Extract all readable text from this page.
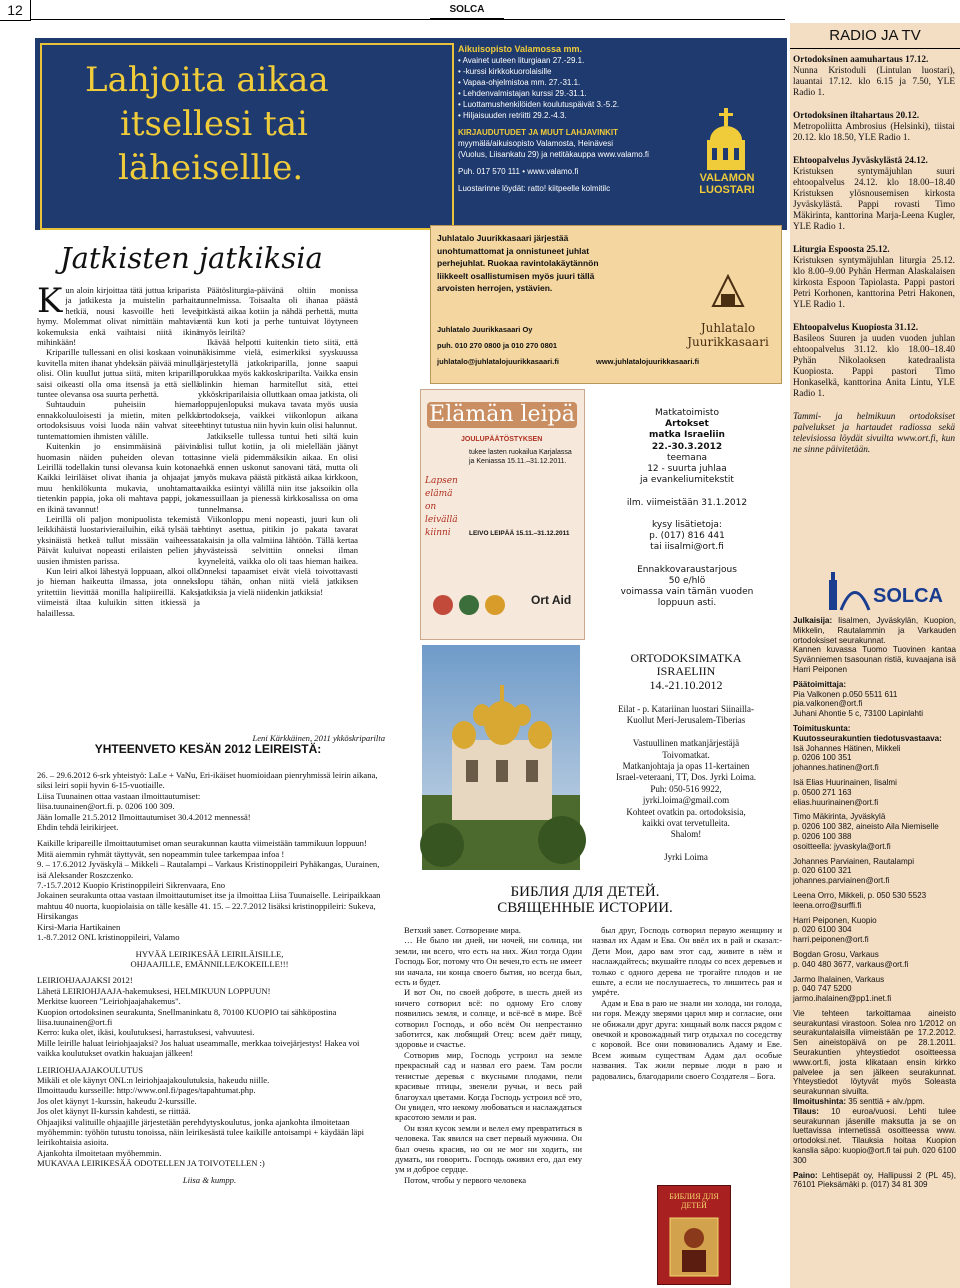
12	SOLCA
Lahjoita aikaa
itsellesi tai
läheisellle.
Aikuisopisto Valamossa mm.
• Avainet uuteen liturgiaan 27.-29.1.
• -kurssi kirkkokuorolaisille
• Vapaa-ohjelmistoa mm. 27.-31.1.
• Lehdenvalmistajan kurssi 29.-31.1.
• Luottamushenkilöiden koulutuspäivät 3.-5.2.
• Hiljaisuuden retriitti 29.2.-4.3.
KIRJAUDUTUDET JA MUUT LAHJAVINKIT
myymälä/aikuisopisto Valamosta, Heinävesi
(Vuolus, Liisankatu 29) ja netitäkauppa www.valamo.fi
Puh. 017 570 111 • www.valamo.fi
Luostarinne löydät: ratto! kiitpeelle kolmitilc
VALAMON
LUOSTARI
Jatkisten jatkiksia

Kun aloin kirjoittaa tätä juttua kriparista ja jatkikesta ja muistelin parhaita hetkiä, nousi kasvoille heti leveä hymy. Molemmat olivat nimittäin mahtavia kokemuksia enkä vaihtaisi niitä ikinä mihinkään!

Kriparille tullessani en olisi koskaan voinut kuvitella miten ihanat yhdeksän päivää minulla olisi. Olin kuullut juttua siitä, miten kriparilla saisi oikeasti olla oma itsensä ja että siellä tuntee olevansa osa suurta perhettä.

Suhtauduin puheisiin hieman ennakkoluuloisesti ja mietin, miten pelkkä ortodoksisuus voisi luoda näin vahvat siteet tuntemattomien ihmisten välille.

Kuitenkin jo ensimmäisinä päivinä huomasin näiden puheiden olevan totta. Leirillä todellakin tunsi olevansa kuin kotona. Kaikki leiriläiset olivat ihania ja ohjaajat ja muu henkilökunta mukavia, unohtamatta tietenkin pappia, joka oli mahtava pappi, joka en ikinä tavannut!

Leirillä oli paljon monipuolista tekemistä leikkihäistä luostarivierailuihin, eikä tylsää tai yksinäistä hetkeä tullut missään vaiheessa. Päivät kuluivat nopeasti erilaisten pelien ja uusien ihmisten parissa.

Kun leiri alkoi lähestyä loppuaan, alkoi olla jo hieman haikeutta ilmassa, jota onneksi yritettiin lievittää monilla halipiireillä. Kaksi viimeistä iltaa kuluikin sitten itkiessä ja halaillessa.

Päätösliturgia-päivänä oltiin monissa tunnelmissa. Toisaalta oli ihanaa päästä pitkästä aikaa kotiin ja nähdä perhettä, mutta entä kun koti ja perhe tuntuivat löytyneen myös leiriltä?

Ikävää helpotti kuitenkin tieto siitä, että näkisimme vielä, esimerkiksi syyskuussa järjestetyllä jatkokriparilla, jonne saapui porukkaa myös kakkoskriparilta. Vaikka ensin olinkin hieman harmitellut sitä, ettei ykköskriparilaisia olluttkaan omaa jatkista, oli loppujenlopuksi mukava tavata myös uusia ortodokseja, vaikkei viikonlopun aikana ehtinyt tutustua niin hyvin kuin olisi halunnut.

Jatkikselle tullessa tuntui heti siltä kuin olisi tullut kotiin, ja oli mielellään jäänyt sinne vielä pidemmäksikin aikaa. En olisi ehkä ennen uskonut sanovani tätä, mutta oli myös mukava päästä pitkästä aikaa kirkkoon, vaikka esiintyi välillä niin itse jaksoikin olla messuillaan ja pienessä kirkkosalissa on oma tunnelmansa.

Viikonloppu meni nopeasti, juuri kun oli ehtinyt asettua, pitikin jo pakata tavarat takaisin ja olla valmiina lähtöön. Tällä kertaa hyvästeissä selvittiin onneksi ilman kyyneleitä, vaikka olo oli taas hieman haikea. Onneksi tapaamiset eivät vielä toivottavasti lopu tähän, onhan niitä vielä jatkiksen jatkiksia ja vielä niidenkin jatkiksia!

Leni Kärkkäinen, 2011 ykköskriparilta
YHTEENVETO KESÄN 2012 LEIREISTÄ:

26. – 29.6.2012 6-srk yhteistyö: LaLe + VaNu, Eri-ikäiset huomioidaan pienryhmissä leirin aikana, siksi leiri sopii hyvin 6-15-vuotiaille.

Liisa Tuunainen ottaa vastaan ilmoittautumiset:

liisa.tuunainen@ort.fi. p. 0206 100 309.

Jään lomalle 21.5.2012 Ilmoittautumiset 30.4.2012 mennessä!

Ehdin tehdä leirikirjeet.

Kaikille kripareille ilmoittautumiset oman seurakunnan kautta viimeistään tammikuun loppuun! Mitä aiemmin ryhmät täyttyvät, sen nopeammin tulee tarkempaa infoa !

9. – 17.6.2012 Jyväskylä – Mikkeli – Rautalampi – Varkaus Kristinoppileiri Pyhäkangas, Uurainen, isä Aleksander Roszczenko.

7.-15.7.2012 Kuopio Kristinoppileiri Sikrenvaara, Eno

Jokainen seurakunta ottaa vastaan ilmoittautumiset itse ja ilmoittaa Liisa Tuunaiselle. Leiripaikkaan mahtuu 40 nuorta, kuopiolaisia on tälle kesälle 41. 15. – 22.7.2012 lisäksi kristinoppileiri: Sukeva, Hirsikangas

Kirsi-Maria Hartikainen

1.-8.7.2012 ONL kristinoppileiri, Valamo

HYVÄÄ LEIRIKESÄÄ LEIRILÄISILLE,

OHJAAJILLE, EMÄNNILLE/KOKEILLE!!!

LEIRIOHJAAJAKSI 2012!

Lähetä LEIRIOHJAAJA-hakemuksesi, HELMIKUUN LOPPUUN!

Merkitse kuoreen "Leiriohjaajahakemus".

Kuopion ortodoksinen seurakunta, Snellmaninkatu 8, 70100 KUOPIO tai sähköpostina liisa.tuunainen@ort.fi

Kerro: kuka olet, ikäsi, koulutuksesi, harrastuksesi, vahvuutesi.

Mille leirille haluat leiriohjaajaksi? Jos haluat useammalle, merkkaa toivejärjestys! Hakea voi vaikka koulutukset ovatkin hakuajan jälkeen!

LEIRIOHJAAJAKOULUTUS

Mikäli et ole käynyt ONL:n leiriohjaajakoulutuksia, hakeudu niille.

Ilmoittaudu kursseille: http://www.onl.fi/pages/tapahtumat.php.

Jos olet käynyt 1-kurssin, hakeudu 2-kurssille.

Jos olet käynyt II-kurssin kahdesti, se riittää.

Ohjaajiksi valituille ohjaajille järjestetään perehdytyskoulutus, jonka ajankohta ilmoitetaan myöhemmin: työhön tutustu tonoissa, näin leirikesästä tulee kaikille antoisampi + käydään läpi leirikohtaisia asioita.

Ajankohta ilmoitetaan myöhemmin.

MUKAVAA LEIRIKESÄÄ ODOTELLEN JA TOIVOTELLEN :)

Liisa & kumpp.

Juhlatalo Juurikkasaari järjestää
unohtumattomat ja onnistuneet juhlat
perhejuhlat. Ruokaa ravintolakäytännön
liikkeelt osallistumisen myös juuri tällä
arvoisten herrojen, ystävien.
Juhlatalo Juurikkasaari Oy
puh. 010 270 0800 ja 010 270 0801
juhlatalo@juhlatalojuurikkasaari.fi	www.juhlatalojuurikkasaari.fi
Juhlatalo Juurikkasaari
Elämän leipä
JOULUPÄÄTÖSTYKSEN
Lapsen elämä on leivällä kiinni
tukee lasten ruokailua Karjalassa ja Keniassa 15.11.–31.12.2011.
LEIVO LEIPÄÄ 15.11.–31.12.2011
Ort Aid
Matkatoimisto
Artokset
matka Israeliin
22.-30.3.2012
teemana
12 - suurta juhlaa
ja evankeliumitekstit

ilm. viimeistään 31.1.2012

kysy lisätietoja:
p. (017) 816 441
tai iisalmi@ort.fi

Ennakkovaraustarjous
50 e/hlö
voimassa vain tämän vuoden
loppuun asti.
ORTODOKSIMATKA
ISRAELIIN
14.-21.10.2012
Eilat - p. Katariinan luostari Siinailla-
Kuollut Meri-Jerusalem-Tiberias

Vastuullinen matkanjärjestäjä
Toivomatkat.
Matkanjohtaja ja opas 11-kertainen
Israel-veteraani, TT, Dos. Jyrki Loima.
Puh: 050-516 9922,
jyrki.loima@gmail.com
Kohteet ovatkin pa. ortodoksisia,
kaikki ovat tervetulleita.
Shalom!

Jyrki Loima
БИБЛИЯ ДЛЯ ДЕТЕЙ.
СВЯЩЕННЫЕ ИСТОРИИ.

Ветхий завет. Сотворение мира.

… Не было ни дней, ни ночей, ни солнца, ни земли, ни всего, что есть на них. Жил тогда Один Господь Бог, потому что Он вечен,то есть не имеет ни начала, ни конца своего бытия, но всегда был, есть и будет.

И вот Он, по своей доброте, в шесть дней из ничего сотворил всё: по одному Его слову появились земля, и солнце, и всё-всё в мире. Всё сотворил Господь, и обо всём Он непрестанно заботится, как любящий Отец: всем даёт пищу, здоровье и счастье.

Сотворив мир, Господь устроил на земле прекрасный сад и назвал его раем. Там росли тенистые деревья с вкусными плодами, пели красивые птицы, звенели ручьи, и весь рай благоухал цветами. Когда Господь устроил всё это, Он увидел, что некому любоваться и наслаждаться красотою земли и рая.

Он взял кусок земли и велел ему превратиться в человека. Так явился на свет первый мужчина. Он был очень красив, но он не мог ни ходить, ни думать, ни говорить. Господь оживил его, дал ему ум и доброе сердце.

Потом, чтобы у первого человека

был друг, Господь сотворил первую женщину и назвал их Адам и Ева. Он ввёл их в рай и сказал:- Дети Мои, даро вам этот сад, живите в нём и наслаждайтесь; вкушайте плоды со всех деревьев и только с одного дерева не трогайте плодов и не ешьте, а если не послушаетесь, то лишитесь рая и умрёте.

Адам и Ева в раю не знали ни холода, ни голода, ни горя. Между зверями царил мир и согласие, они не обижали друг друга: хищный волк пасся рядом с овечкой и кровожадный тигр отдыхал по соседству с коровой. Все они повиновались Адаму и Еве. Всем живым существам Адам дал особые названия. Так жили первые люди в раю и радовались, благодарили своего Создателя – Бога.

БИБЛИЯ ДЛЯ ДЕТЕЙ
RADIO JA TV
Ortodoksinen aamuhartaus 17.12.
Nunna Kristoduli (Lintulan luostari), lauantai 17.12. klo 6.15 ja 7.50, YLE Radio 1.
Ortodoksinen iltahartaus 20.12.
Metropoliitta Ambrosius (Helsinki), tiistai 20.12. klo 18.50, YLE Radio 1.
Ehtoopalvelus Jyväskylästä 24.12.
Kristuksen syntymäjuhlan suuri ehtoopalvelus 24.12. klo 18.00–18.40 Kristuksen ylösnousemisen kirkosta Jyväskylästä. Pappi rovasti Timo Mäkirinta, kanttorina Marja-Leena Kugler, YLE Radio 1.
Liturgia Espoosta 25.12.
Kristuksen syntymäjuhlan liturgia 25.12. klo 8.00–9.00 Pyhän Herman Alaskalaisen kirkosta Espoon Tapiolasta. Pappi pastori Petri Korhonen, kanttorina Petri Hakonen, YLE Radio 1.
Ehtoopalvelus Kuopiosta 31.12.
Basileos Suuren ja uuden vuoden juhlan ehtoopalvelus 31.12. klo 18.00–18.40 Pyhän Nikolaoksen katedraalista Kuopiosta. Pappi pastori Timo Honkaselkä, kanttorina Anita Lintu, YLE Radio 1.
Tammi- ja helmikuun ortodoksiset palvelukset ja hartaudet radiossa sekä televisiossa löydät sivuilta www.ort.fi, kun ne sinne päivitetään.
SOLCA
Julkaisija: Iisalmen, Jyväskylän, Kuopion, Mikkelin, Rautalammin ja Varkauden ortodoksiset seurakunnat.
Kannen kuvassa Tuomo Tuovinen kantaa Syvänniemen tsasounan ristiä, kuvaajana isä Harri Peiponen
Päätoimittaja:
Pia Valkonen p.050 5511 611
pia.valkonen@ort.fi
Juhani Ahontie 5 c, 73100 Lapinlahti
Toimituskunta:
Kuutosseurakuntien tiedotusvastaava:
Isä Johannes Hätinen, Mikkeli
p. 0206 100 351
johannes.hatinen@ort.fi
Isä Elias Huurinainen, Iisalmi
p. 0500 271 163
elias.huurinainen@ort.fi
Timo Mäkirinta, Jyväskylä
p. 0206 100 382, aineisto Aila Niemiselle
p. 0206 100 388
osoitteella: jyvaskyla@ort.fi
Johannes Parviainen, Rautalampi
p. 020 6100 321
johannes.parviainen@ort.fi
Leena Orro, Mikkeli, p. 050 530 5523
leena.orro@surffi.fi
Harri Peiponen, Kuopio
p. 020 6100 304
harri.peiponen@ort.fi
Bogdan Grosu, Varkaus
p. 040 480 3677, varkaus@ort.fi
Jarmo Ihalainen, Varkaus
p. 040 747 5200
jarmo.ihalainen@pp1.inet.fi
Vie tehteen tarkoittamaa aineisto seurakuntasi virastoon. Solea nro 1/2012 on seurakuntalaisilla viimeistään pe 17.2.2012. Sen aineistopäivä on pe 28.1.2011. Seurakuntien yhteystiedot osoitteessa www.ort.fi, josta klikataan ensin kirkko palvelee ja sen jälkeen seurakunnat. Yhteystiedot löytyvät myös Soleasta seurakunnan sivuilta.
Ilmoitushinta: 35 senttiä + alv./ppm.
Tilaus: 10 euroa/vuosi. Lehti tulee seurakunnan jäsenille maksutta ja se on luettavissa internetissä osoitteessa www. ortodoksi.net. Tilauksia hoitaa Kuopion kanslia säpo: kuopio@ort.fi tai puh. 020 6100 300
Paino: Lehtisepät oy, Hallipussi 2 (PL 45), 76101 Pieksämäki p. (017) 34 81 309
